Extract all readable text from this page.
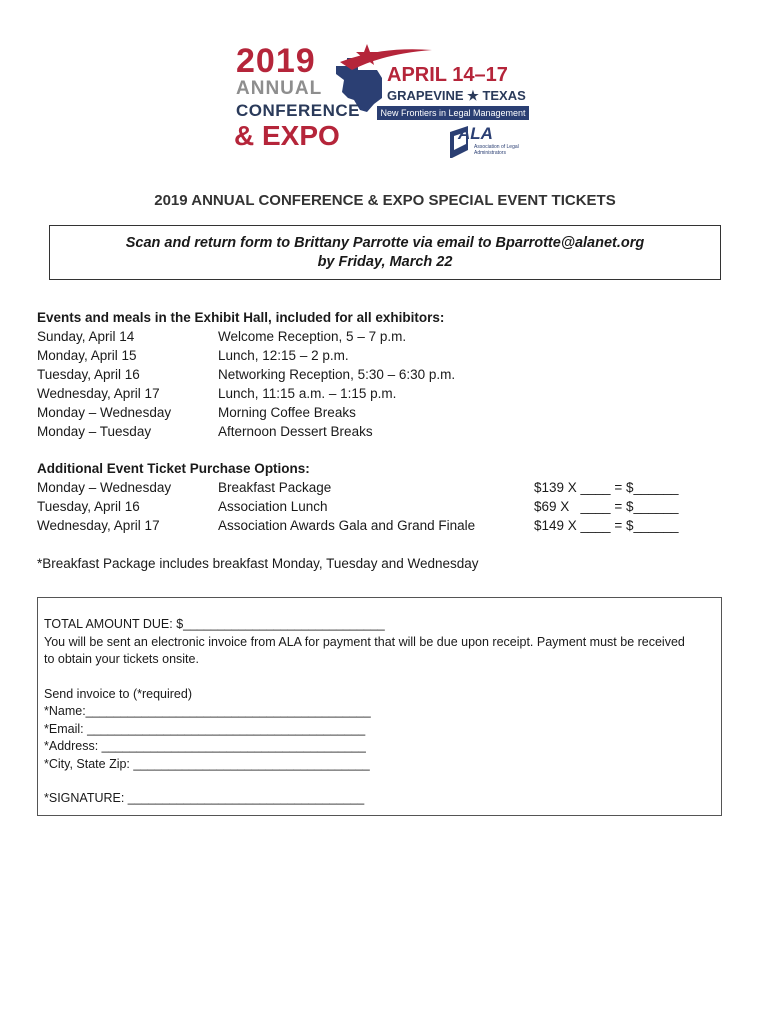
2019
ANNUAL
CONFERENCE
& EXPO
APRIL 14–17
GRAPEVINE ★ TEXAS
New Frontiers in Legal Management
ALA
Association of Legal Administrators
2019 ANNUAL CONFERENCE & EXPO SPECIAL EVENT TICKETS
Scan and return form to Brittany Parrotte via email to Bparrotte@alanet.org
by Friday, March 22
Events and meals in the Exhibit Hall, included for all exhibitors:
Sunday, April 14	Welcome Reception, 5 – 7 p.m.
Monday, April 15	Lunch, 12:15 – 2 p.m.
Tuesday, April 16	Networking Reception, 5:30 – 6:30 p.m.
Wednesday, April 17	Lunch, 11:15 a.m. – 1:15 p.m.
Monday – Wednesday	Morning Coffee Breaks
Monday – Tuesday	Afternoon Dessert Breaks
Additional Event Ticket Purchase Options:
Monday – Wednesday	Breakfast Package	$139 X ____ = $______
Tuesday, April 16	Association Lunch	$69 X   ____ = $______
Wednesday, April 17	Association Awards Gala and Grand Finale	$149 X ____ = $______
*Breakfast Package includes breakfast Monday, Tuesday and Wednesday
TOTAL AMOUNT DUE: $_____________________________
You will be sent an electronic invoice from ALA for payment that will be due upon receipt. Payment must be received
to obtain your tickets onsite.
Send invoice to (*required)
*Name:_________________________________________
*Email: ________________________________________
*Address: ______________________________________
*City, State Zip: __________________________________
*SIGNATURE: __________________________________
